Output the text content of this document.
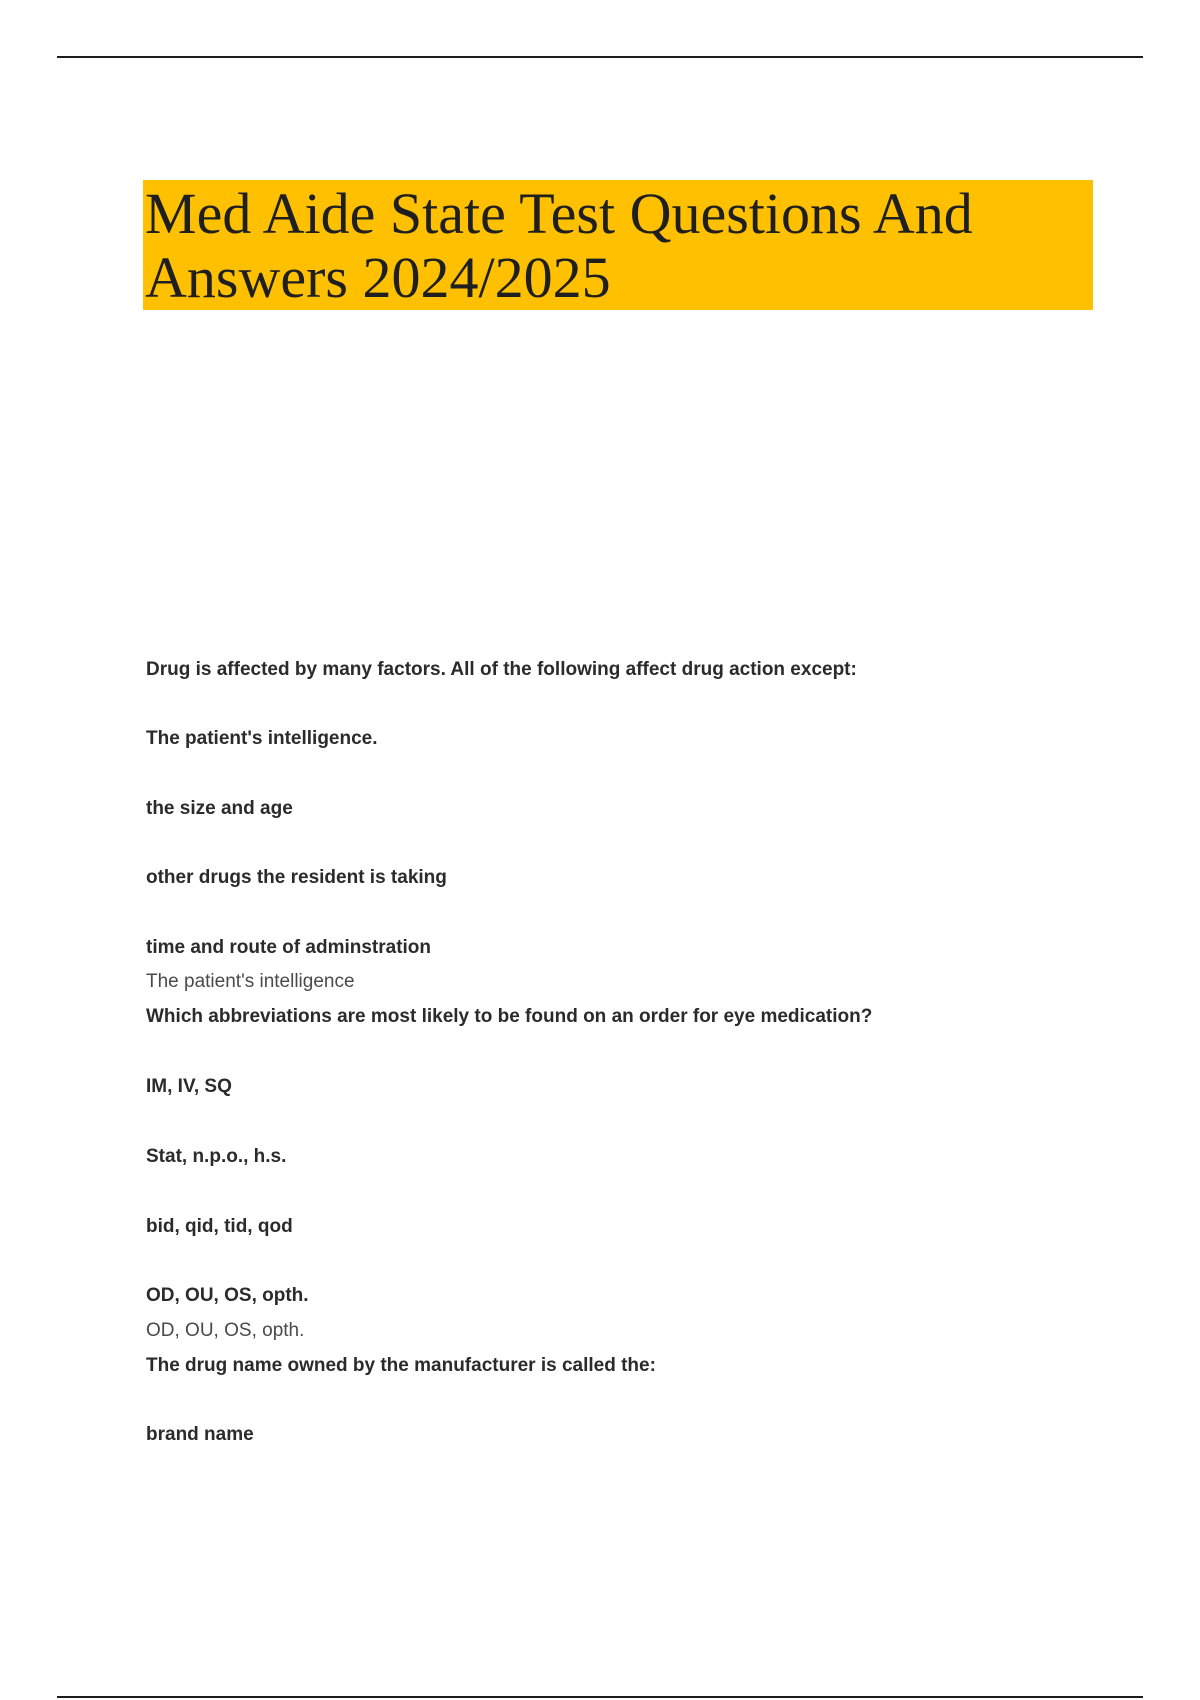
Med Aide State Test Questions And Answers 2024/2025

Drug is affected by many factors. All of the following affect drug action except:

The patient's intelligence.

the size and age

other drugs the resident is taking

time and route of adminstration

The patient's intelligence

Which abbreviations are most likely to be found on an order for eye medication?

IM, IV, SQ

Stat, n.p.o., h.s.

bid, qid, tid, qod

OD, OU, OS, opth.

OD, OU, OS, opth.

The drug name owned by the manufacturer is called the:

brand name
